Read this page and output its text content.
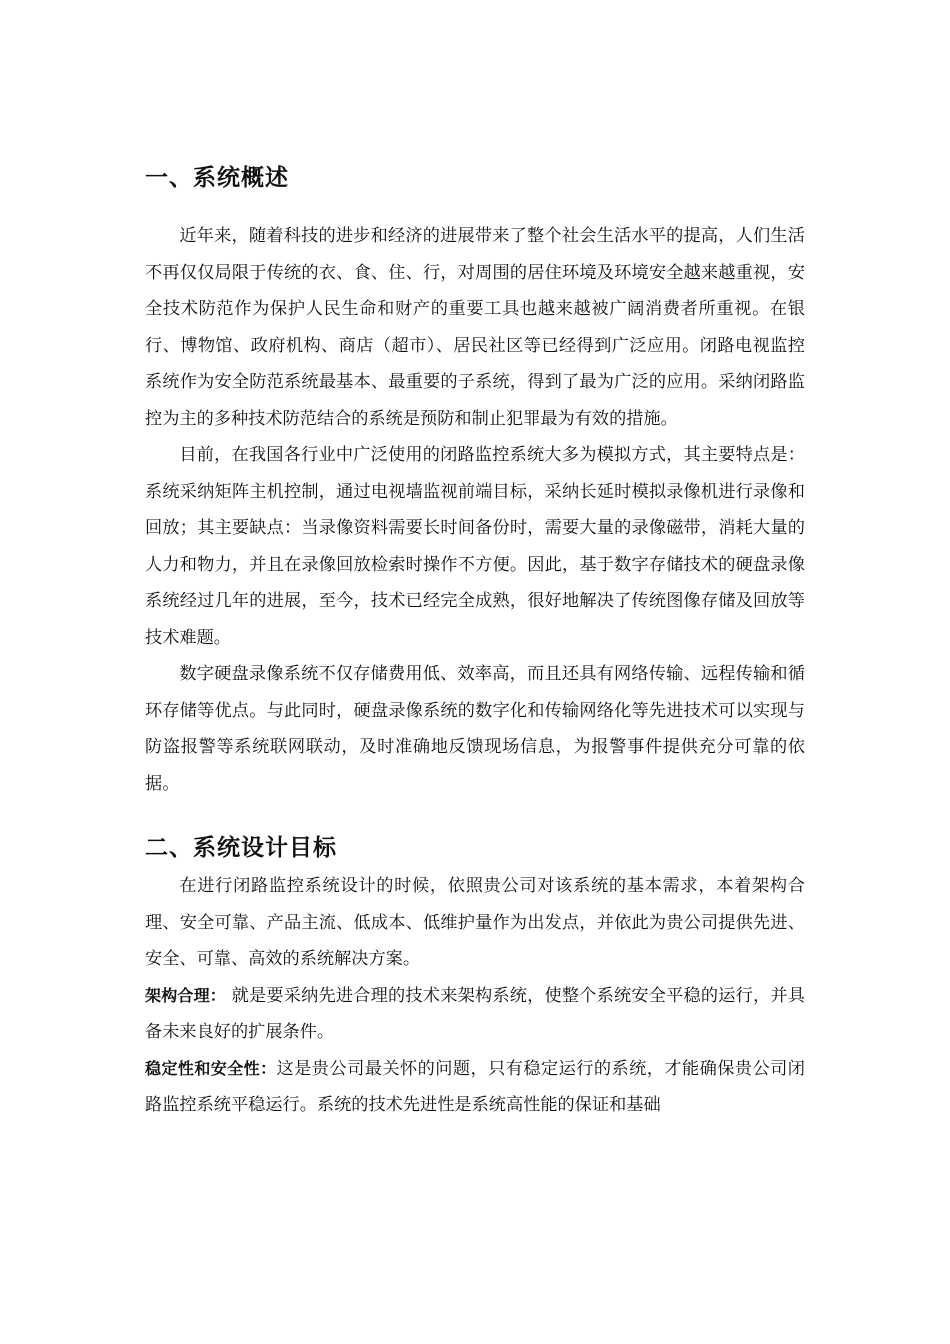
一、系统概述

近年来，随着科技的进步和经济的进展带来了整个社会生活水平的提高，人们生活不再仅仅局限于传统的衣、食、住、行，对周围的居住环境及环境安全越来越重视，安全技术防范作为保护人民生命和财产的重要工具也越来越被广阔消费者所重视。在银行、博物馆、政府机构、商店（超市）、居民社区等已经得到广泛应用。闭路电视监控系统作为安全防范系统最基本、最重要的子系统，得到了最为广泛的应用。采纳闭路监控为主的多种技术防范结合的系统是预防和制止犯罪最为有效的措施。

目前，在我国各行业中广泛使用的闭路监控系统大多为模拟方式，其主要特点是：系统采纳矩阵主机控制，通过电视墙监视前端目标，采纳长延时模拟录像机进行录像和回放；其主要缺点：当录像资料需要长时间备份时，需要大量的录像磁带，消耗大量的人力和物力，并且在录像回放检索时操作不方便。因此，基于数字存储技术的硬盘录像系统经过几年的进展，至今，技术已经完全成熟，很好地解决了传统图像存储及回放等技术难题。

数字硬盘录像系统不仅存储费用低、效率高，而且还具有网络传输、远程传输和循环存储等优点。与此同时，硬盘录像系统的数字化和传输网络化等先进技术可以实现与防盗报警等系统联网联动，及时准确地反馈现场信息，为报警事件提供充分可靠的依据。

二、系统设计目标

在进行闭路监控系统设计的时候，依照贵公司对该系统的基本需求，本着架构合理、安全可靠、产品主流、低成本、低维护量作为出发点，并依此为贵公司提供先进、安全、可靠、高效的系统解决方案。

架构合理： 就是要采纳先进合理的技术来架构系统，使整个系统安全平稳的运行，并具备未来良好的扩展条件。

稳定性和安全性：这是贵公司最关怀的问题，只有稳定运行的系统，才能确保贵公司闭路监控系统平稳运行。系统的技术先进性是系统高性能的保证和基础
